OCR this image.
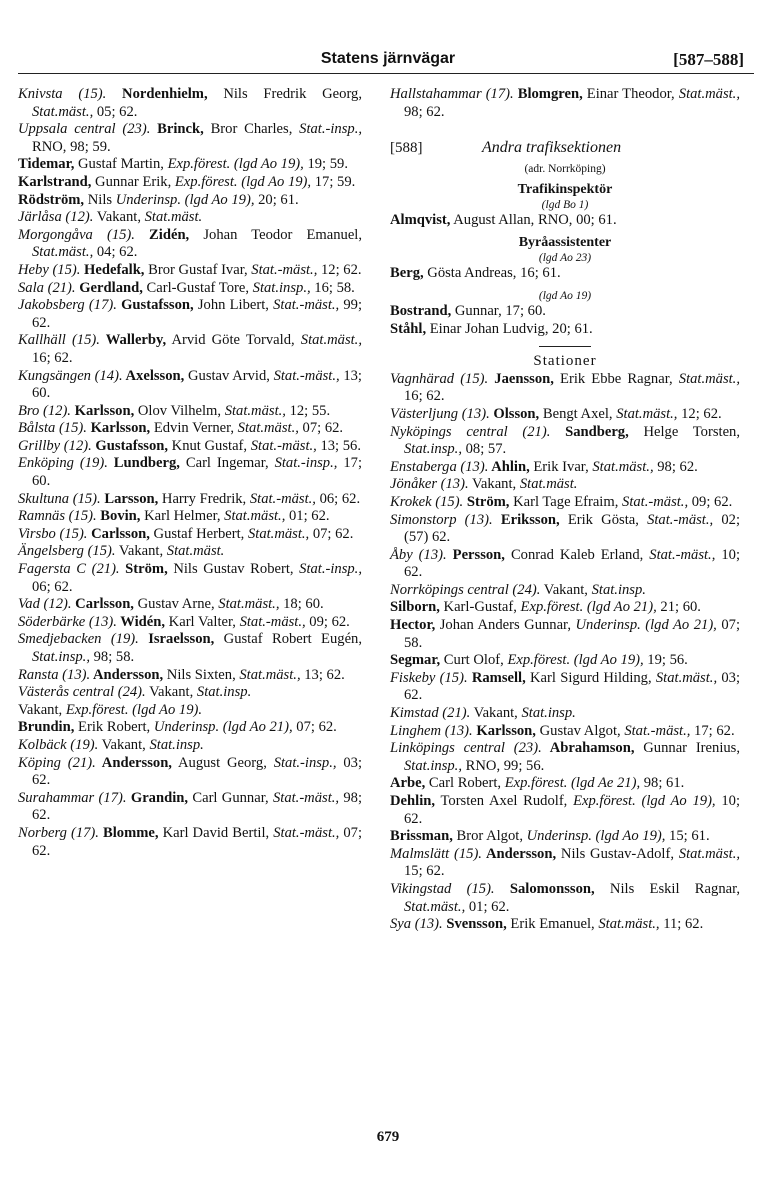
Statens järnvägar	[587–588]

Knivsta (15). Nordenhielm, Nils Fredrik Georg, Stat.mäst., 05; 62.

Uppsala central (23). Brinck, Bror Charles, Stat.-insp., RNO, 98; 59.

Tidemar, Gustaf Martin, Exp.förest. (lgd Ao 19), 19; 59.

Karlstrand, Gunnar Erik, Exp.förest. (lgd Ao 19), 17; 59.

Rödström, Nils Underinsp. (lgd Ao 19), 20; 61.

Järlåsa (12). Vakant, Stat.mäst.

Morgongåva (15). Zidén, Johan Teodor Emanuel, Stat.mäst., 04; 62.

Heby (15). Hedefalk, Bror Gustaf Ivar, Stat.-mäst., 12; 62.

Sala (21). Gerdland, Carl-Gustaf Tore, Stat.insp., 16; 58.

Jakobsberg (17). Gustafsson, John Libert, Stat.-mäst., 99; 62.

Kallhäll (15). Wallerby, Arvid Göte Torvald, Stat.mäst., 16; 62.

Kungsängen (14). Axelsson, Gustav Arvid, Stat.-mäst., 13; 60.

Bro (12). Karlsson, Olov Vilhelm, Stat.mäst., 12; 55.

Bålsta (15). Karlsson, Edvin Verner, Stat.mäst., 07; 62.

Grillby (12). Gustafsson, Knut Gustaf, Stat.-mäst., 13; 56.

Enköping (19). Lundberg, Carl Ingemar, Stat.-insp., 17; 60.

Skultuna (15). Larsson, Harry Fredrik, Stat.-mäst., 06; 62.

Ramnäs (15). Bovin, Karl Helmer, Stat.mäst., 01; 62.

Virsbo (15). Carlsson, Gustaf Herbert, Stat.mäst., 07; 62.

Ängelsberg (15). Vakant, Stat.mäst.

Fagersta C (21). Ström, Nils Gustav Robert, Stat.-insp., 06; 62.

Vad (12). Carlsson, Gustav Arne, Stat.mäst., 18; 60.

Söderbärke (13). Widén, Karl Valter, Stat.-mäst., 09; 62.

Smedjebacken (19). Israelsson, Gustaf Robert Eugén, Stat.insp., 98; 58.

Ransta (13). Andersson, Nils Sixten, Stat.mäst., 13; 62.

Västerås central (24). Vakant, Stat.insp.

Vakant, Exp.förest. (lgd Ao 19).

Brundin, Erik Robert, Underinsp. (lgd Ao 21), 07; 62.

Kolbäck (19). Vakant, Stat.insp.

Köping (21). Andersson, August Georg, Stat.-insp., 03; 62.

Surahammar (17). Grandin, Carl Gunnar, Stat.-mäst., 98; 62.

Norberg (17). Blomme, Karl David Bertil, Stat.-mäst., 07; 62.

Hallstahammar (17). Blomgren, Einar Theodor, Stat.mäst., 98; 62.

[588]	Andra trafiksektionen
(adr. Norrköping)
Trafikinspektör
(lgd Bo 1)

Almqvist, August Allan, RNO, 00; 61.

Byråassistenter
(lgd Ao 23)

Berg, Gösta Andreas, 16; 61.

(lgd Ao 19)

Bostrand, Gunnar, 17; 60.

Ståhl, Einar Johan Ludvig, 20; 61.

Stationer

Vagnhärad (15). Jaensson, Erik Ebbe Ragnar, Stat.mäst., 16; 62.

Västerljung (13). Olsson, Bengt Axel, Stat.mäst., 12; 62.

Nyköpings central (21). Sandberg, Helge Torsten, Stat.insp., 08; 57.

Enstaberga (13). Ahlin, Erik Ivar, Stat.mäst., 98; 62.

Jönåker (13). Vakant, Stat.mäst.

Krokek (15). Ström, Karl Tage Efraim, Stat.-mäst., 09; 62.

Simonstorp (13). Eriksson, Erik Gösta, Stat.-mäst., 02; (57) 62.

Åby (13). Persson, Conrad Kaleb Erland, Stat.-mäst., 10; 62.

Norrköpings central (24). Vakant, Stat.insp.

Silborn, Karl-Gustaf, Exp.förest. (lgd Ao 21), 21; 60.

Hector, Johan Anders Gunnar, Underinsp. (lgd Ao 21), 07; 58.

Segmar, Curt Olof, Exp.förest. (lgd Ao 19), 19; 56.

Fiskeby (15). Ramsell, Karl Sigurd Hilding, Stat.mäst., 03; 62.

Kimstad (21). Vakant, Stat.insp.

Linghem (13). Karlsson, Gustav Algot, Stat.-mäst., 17; 62.

Linköpings central (23). Abrahamson, Gunnar Irenius, Stat.insp., RNO, 99; 56.

Arbe, Carl Robert, Exp.förest. (lgd Ae 21), 98; 61.

Dehlin, Torsten Axel Rudolf, Exp.förest. (lgd Ao 19), 10; 62.

Brissman, Bror Algot, Underinsp. (lgd Ao 19), 15; 61.

Malmslätt (15). Andersson, Nils Gustav-Adolf, Stat.mäst., 15; 62.

Vikingstad (15). Salomonsson, Nils Eskil Ragnar, Stat.mäst., 01; 62.

Sya (13). Svensson, Erik Emanuel, Stat.mäst., 11; 62.

679
